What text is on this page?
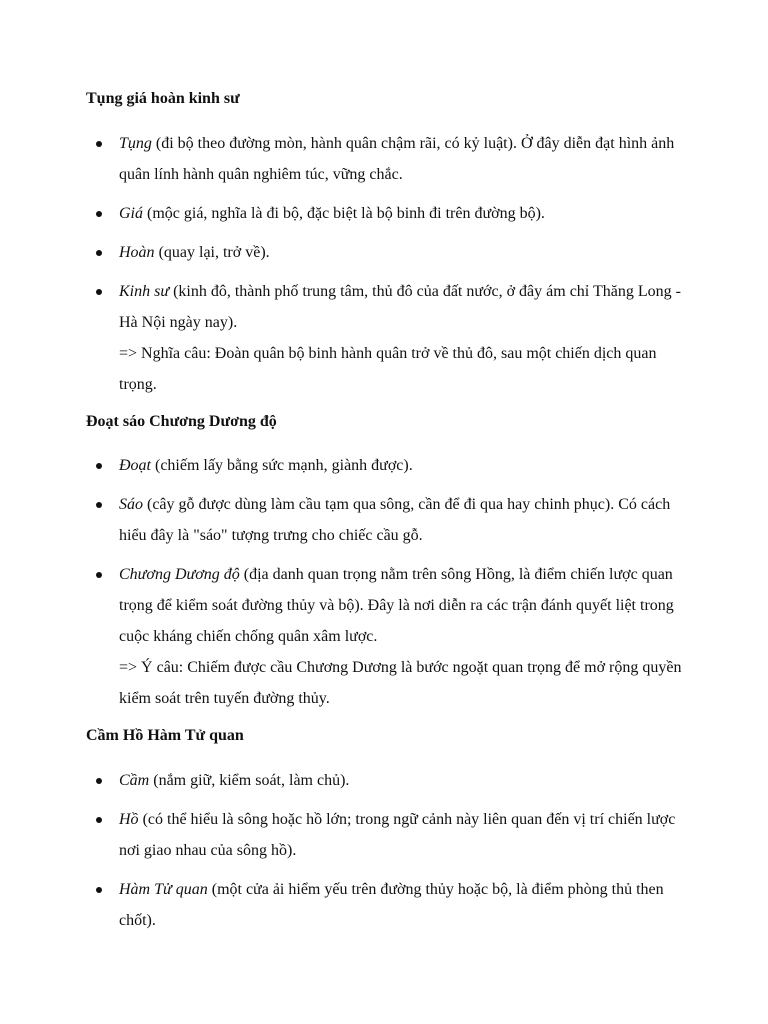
Tụng giá hoàn kinh sư

Tụng (đi bộ theo đường mòn, hành quân chậm rãi, có kỷ luật). Ở đây diễn đạt hình ảnh quân lính hành quân nghiêm túc, vững chắc.
Giá (mộc giá, nghĩa là đi bộ, đặc biệt là bộ binh đi trên đường bộ).
Hoàn (quay lại, trở về).
Kinh sư (kinh đô, thành phố trung tâm, thủ đô của đất nước, ở đây ám chỉ Thăng Long - Hà Nội ngày nay).
=> Nghĩa câu: Đoàn quân bộ binh hành quân trở về thủ đô, sau một chiến dịch quan trọng.

Đoạt sáo Chương Dương độ

Đoạt (chiếm lấy bằng sức mạnh, giành được).
Sáo (cây gỗ được dùng làm cầu tạm qua sông, cần để đi qua hay chinh phục). Có cách hiểu đây là "sáo" tượng trưng cho chiếc cầu gỗ.
Chương Dương độ (địa danh quan trọng nằm trên sông Hồng, là điểm chiến lược quan trọng để kiểm soát đường thủy và bộ). Đây là nơi diễn ra các trận đánh quyết liệt trong cuộc kháng chiến chống quân xâm lược.
=> Ý câu: Chiếm được cầu Chương Dương là bước ngoặt quan trọng để mở rộng quyền kiểm soát trên tuyến đường thủy.

Cầm Hồ Hàm Tử quan

Cầm (nắm giữ, kiểm soát, làm chủ).
Hồ (có thể hiểu là sông hoặc hồ lớn; trong ngữ cảnh này liên quan đến vị trí chiến lược nơi giao nhau của sông hồ).
Hàm Tử quan (một cửa ải hiểm yếu trên đường thủy hoặc bộ, là điểm phòng thủ then chốt).
